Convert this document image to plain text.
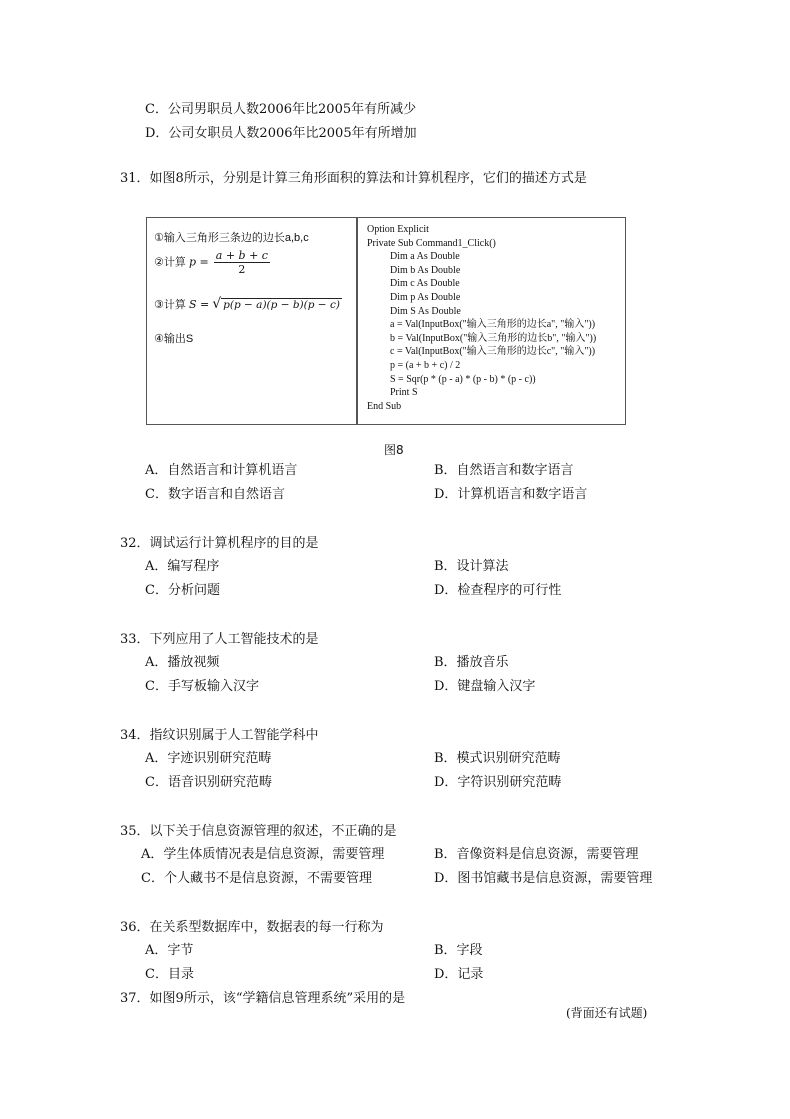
C．公司男职员人数2006年比2005年有所减少
D．公司女职员人数2006年比2005年有所增加
31．如图8所示，分别是计算三角形面积的算法和计算机程序，它们的描述方式是
①输入三角形三条边的边长a,b,c
②计算 $p = \frac{a + b + c}{2}$
③计算 S = √ p(p − a)(p − b)(p − c)
④输出S
Option Explicit
Private Sub Command1_Click()
Dim a As Double
Dim b As Double
Dim c As Double
Dim p As Double
Dim S As Double
a = Val(InputBox("输入三角形的边长a", "输入"))
b = Val(InputBox("输入三角形的边长b", "输入"))
c = Val(InputBox("输入三角形的边长c", "输入"))
p = (a + b + c) / 2
S = Sqr(p * (p - a) * (p - b) * (p - c))
Print S
End Sub
图8
A．自然语言和计算机语言	B．自然语言和数字语言
C．数字语言和自然语言	D．计算机语言和数字语言
32．调试运行计算机程序的目的是
A．编写程序	B．设计算法
C．分析问题	D．检查程序的可行性
33．下列应用了人工智能技术的是
A．播放视频	B．播放音乐
C．手写板输入汉字	D．键盘输入汉字
34．指纹识别属于人工智能学科中
A．字迹识别研究范畴	B．模式识别研究范畴
C．语音识别研究范畴	D．字符识别研究范畴
35．以下关于信息资源管理的叙述，不正确的是
A．学生体质情况表是信息资源，需要管理	B．音像资料是信息资源，需要管理
C．个人藏书不是信息资源，不需要管理	D．图书馆藏书是信息资源，需要管理
36．在关系型数据库中，数据表的每一行称为
A．字节	B．字段
C．目录	D．记录
37．如图9所示，该“学籍信息管理系统”采用的是
(背面还有试题)
